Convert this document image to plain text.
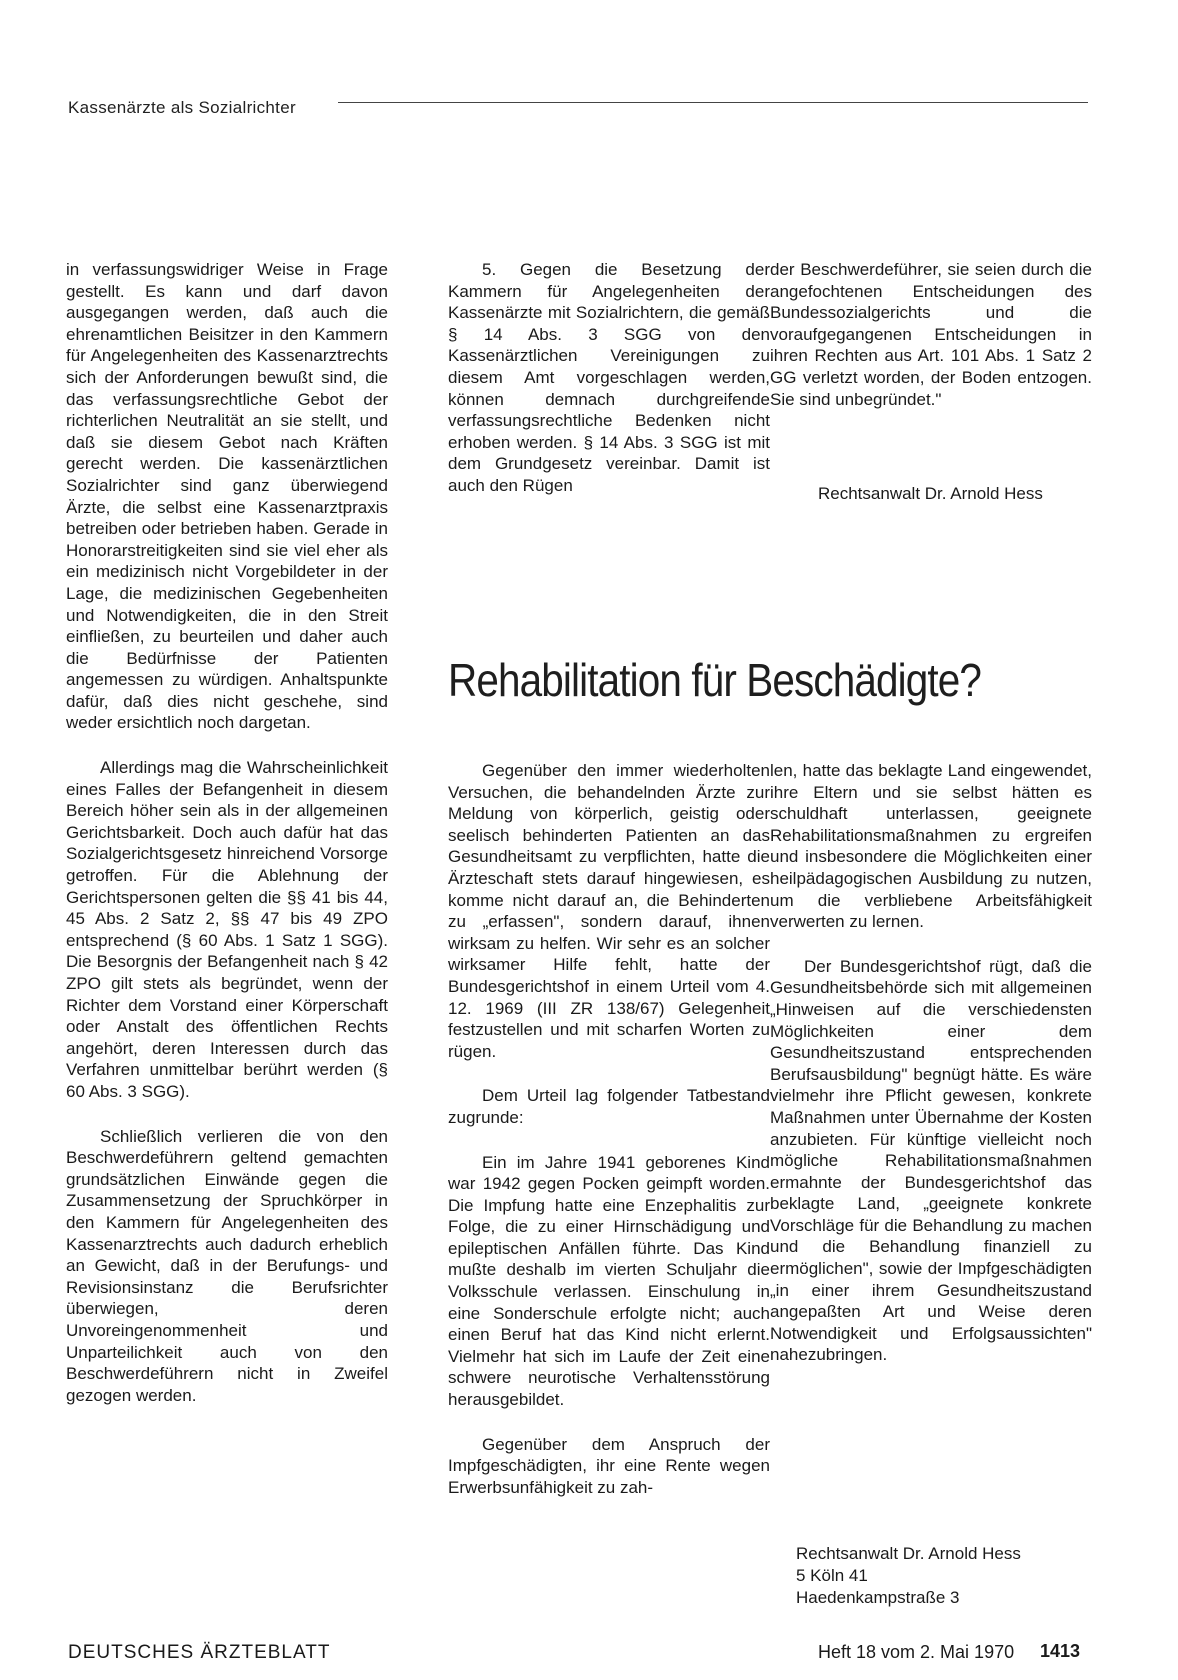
Kassenärzte als Sozialrichter

in verfassungswidriger Weise in Frage gestellt. Es kann und darf davon ausgegangen werden, daß auch die ehrenamtlichen Beisitzer in den Kammern für Angelegenheiten des Kassenarztrechts sich der Anforderungen bewußt sind, die das verfassungsrechtliche Gebot der richterlichen Neutralität an sie stellt, und daß sie diesem Gebot nach Kräften gerecht werden. Die kassenärztlichen Sozialrichter sind ganz überwiegend Ärzte, die selbst eine Kassenarztpraxis betreiben oder betrieben haben. Gerade in Honorarstreitigkeiten sind sie viel eher als ein medizinisch nicht Vorgebildeter in der Lage, die medizinischen Gegebenheiten und Notwendigkeiten, die in den Streit einfließen, zu beurteilen und daher auch die Bedürfnisse der Patienten angemessen zu würdigen. Anhaltspunkte dafür, daß dies nicht geschehe, sind weder ersichtlich noch dargetan.

Allerdings mag die Wahrscheinlichkeit eines Falles der Befangenheit in diesem Bereich höher sein als in der allgemeinen Gerichtsbarkeit. Doch auch dafür hat das Sozialgerichtsgesetz hinreichend Vorsorge getroffen. Für die Ablehnung der Gerichtspersonen gelten die §§ 41 bis 44, 45 Abs. 2 Satz 2, §§ 47 bis 49 ZPO entsprechend (§ 60 Abs. 1 Satz 1 SGG). Die Besorgnis der Befangenheit nach § 42 ZPO gilt stets als begründet, wenn der Richter dem Vorstand einer Körperschaft oder Anstalt des öffentlichen Rechts angehört, deren Interessen durch das Verfahren unmittelbar berührt werden (§ 60 Abs. 3 SGG).

Schließlich verlieren die von den Beschwerdeführern geltend gemachten grundsätzlichen Einwände gegen die Zusammensetzung der Spruchkörper in den Kammern für Angelegenheiten des Kassenarztrechts auch dadurch erheblich an Gewicht, daß in der Berufungs- und Revisionsinstanz die Berufsrichter überwiegen, deren Unvoreingenommenheit und Unparteilichkeit auch von den Beschwerdeführern nicht in Zweifel gezogen werden.

5. Gegen die Besetzung der Kammern für Angelegenheiten der Kassenärzte mit Sozialrichtern, die gemäß § 14 Abs. 3 SGG von den Kassenärztlichen Vereinigungen zu diesem Amt vorgeschlagen werden, können demnach durchgreifende verfassungsrechtliche Bedenken nicht erhoben werden. § 14 Abs. 3 SGG ist mit dem Grundgesetz vereinbar. Damit ist auch den Rügen

der Beschwerdeführer, sie seien durch die angefochtenen Entscheidungen des Bundessozialgerichts und die voraufgegangenen Entscheidungen in ihren Rechten aus Art. 101 Abs. 1 Satz 2 GG verletzt worden, der Boden entzogen. Sie sind unbegründet."

Rechtsanwalt Dr. Arnold Hess
Rehabilitation für Beschädigte?

Gegenüber den immer wiederholten Versuchen, die behandelnden Ärzte zur Meldung von körperlich, geistig oder seelisch behinderten Patienten an das Gesundheitsamt zu verpflichten, hatte die Ärzteschaft stets darauf hingewiesen, es komme nicht darauf an, die Behinderten zu „erfassen", sondern darauf, ihnen wirksam zu helfen. Wir sehr es an solcher wirksamer Hilfe fehlt, hatte der Bundesgerichtshof in einem Urteil vom 4. 12. 1969 (III ZR 138/67) Gelegenheit festzustellen und mit scharfen Worten zu rügen.

Dem Urteil lag folgender Tatbestand zugrunde:

Ein im Jahre 1941 geborenes Kind war 1942 gegen Pocken geimpft worden. Die Impfung hatte eine Enzephalitis zur Folge, die zu einer Hirnschädigung und epileptischen Anfällen führte. Das Kind mußte deshalb im vierten Schuljahr die Volksschule verlassen. Einschulung in eine Sonderschule erfolgte nicht; auch einen Beruf hat das Kind nicht erlernt. Vielmehr hat sich im Laufe der Zeit eine schwere neurotische Verhaltensstörung herausgebildet.

Gegenüber dem Anspruch der Impfgeschädigten, ihr eine Rente wegen Erwerbsunfähigkeit zu zah-

len, hatte das beklagte Land eingewendet, ihre Eltern und sie selbst hätten es schuldhaft unterlassen, geeignete Rehabilitationsmaßnahmen zu ergreifen und insbesondere die Möglichkeiten einer heilpädagogischen Ausbildung zu nutzen, um die verbliebene Arbeitsfähigkeit verwerten zu lernen.

Der Bundesgerichtshof rügt, daß die Gesundheitsbehörde sich mit allgemeinen „Hinweisen auf die verschiedensten Möglichkeiten einer dem Gesundheitszustand entsprechenden Berufsausbildung" begnügt hätte. Es wäre vielmehr ihre Pflicht gewesen, konkrete Maßnahmen unter Übernahme der Kosten anzubieten. Für künftige vielleicht noch mögliche Rehabilitationsmaßnahmen ermahnte der Bundesgerichtshof das beklagte Land, „geeignete konkrete Vorschläge für die Behandlung zu machen und die Behandlung finanziell zu ermöglichen", sowie der Impfgeschädigten „in einer ihrem Gesundheitszustand angepaßten Art und Weise deren Notwendigkeit und Erfolgsaussichten" nahezubringen.

Rechtsanwalt Dr. Arnold Hess
5 Köln 41
Haedenkampstraße 3
DEUTSCHES ÄRZTEBLATT	Heft 18 vom 2. Mai 1970 1413
